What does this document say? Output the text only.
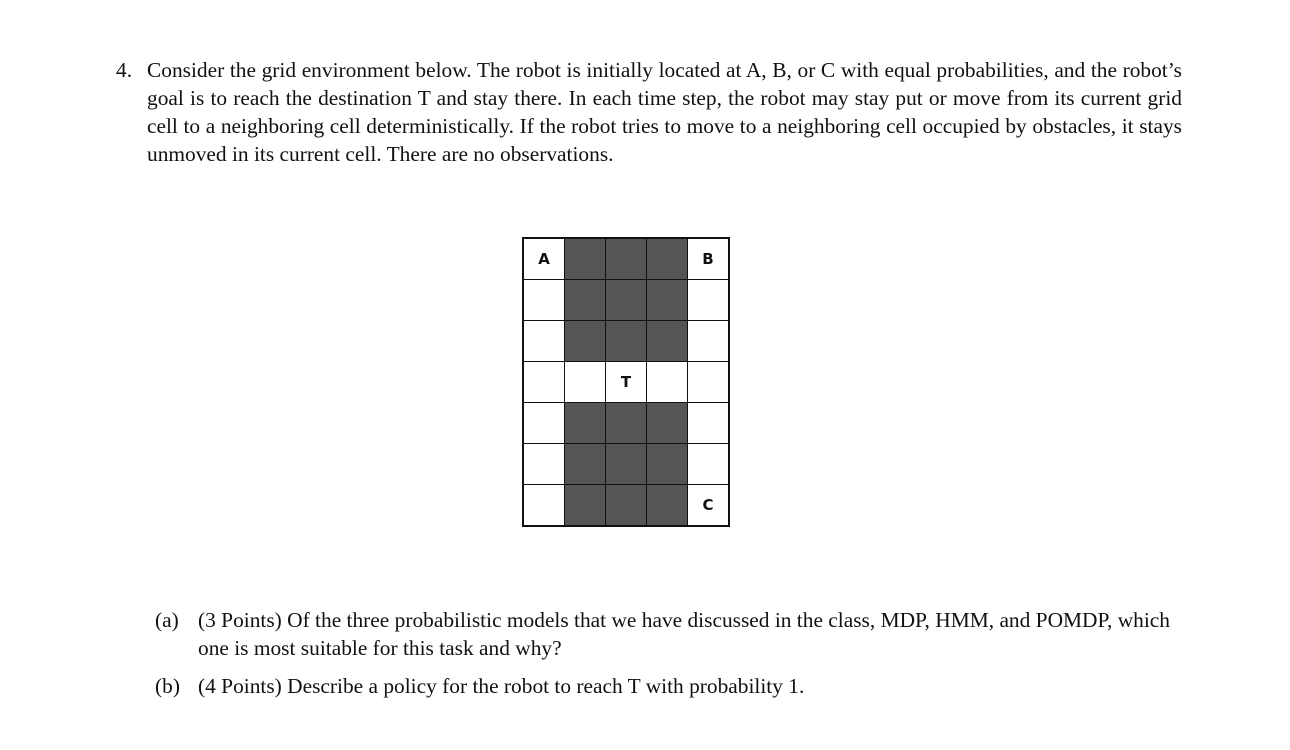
4. Consider the grid environment below. The robot is initially located at A, B, or C with equal probabilities, and the robot’s goal is to reach the destination T and stay there. In each time step, the robot may stay put or move from its current grid cell to a neighboring cell deterministically. If the robot tries to move to a neighboring cell occupied by obstacles, it stays unmoved in its current cell. There are no observations.
A				B

		T		

				C
(a) (3 Points) Of the three probabilistic models that we have discussed in the class, MDP, HMM, and POMDP, which one is most suitable for this task and why?
(b) (4 Points) Describe a policy for the robot to reach T with probability 1.
